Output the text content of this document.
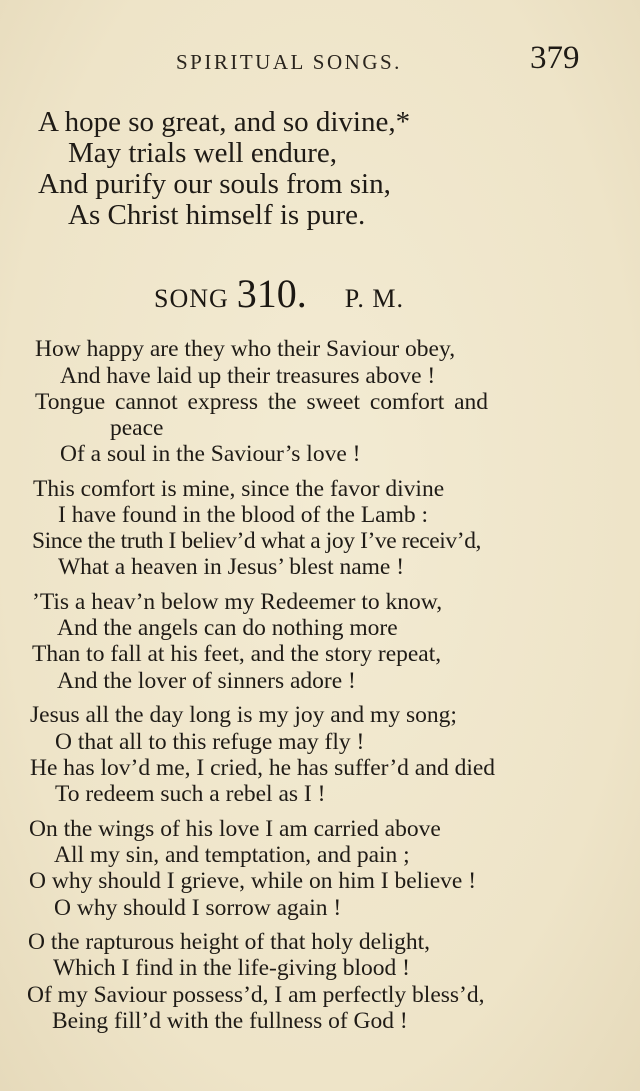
SPIRITUAL SONGS.	379
A hope so great, and so divine,*
May trials well endure,
And purify our souls from sin,
As Christ himself is pure.
SONG 310. P. M.
How happy are they who their Saviour obey,
And have laid up their treasures above !
Tongue cannot express the sweet comfort and
peace
Of a soul in the Saviour’s love !
This comfort is mine, since the favor divine
I have found in the blood of the Lamb :
Since the truth I believ’d what a joy I’ve receiv’d,
What a heaven in Jesus’ blest name !
’Tis a heav’n below my Redeemer to know,
And the angels can do nothing more
Than to fall at his feet, and the story repeat,
And the lover of sinners adore !
Jesus all the day long is my joy and my song;
O that all to this refuge may fly !
He has lov’d me, I cried, he has suffer’d and died
To redeem such a rebel as I !
On the wings of his love I am carried above
All my sin, and temptation, and pain ;
O why should I grieve, while on him I believe !
O why should I sorrow again !
O the rapturous height of that holy delight,
Which I find in the life-giving blood !
Of my Saviour possess’d, I am perfectly bless’d,
Being fill’d with the fullness of God !
